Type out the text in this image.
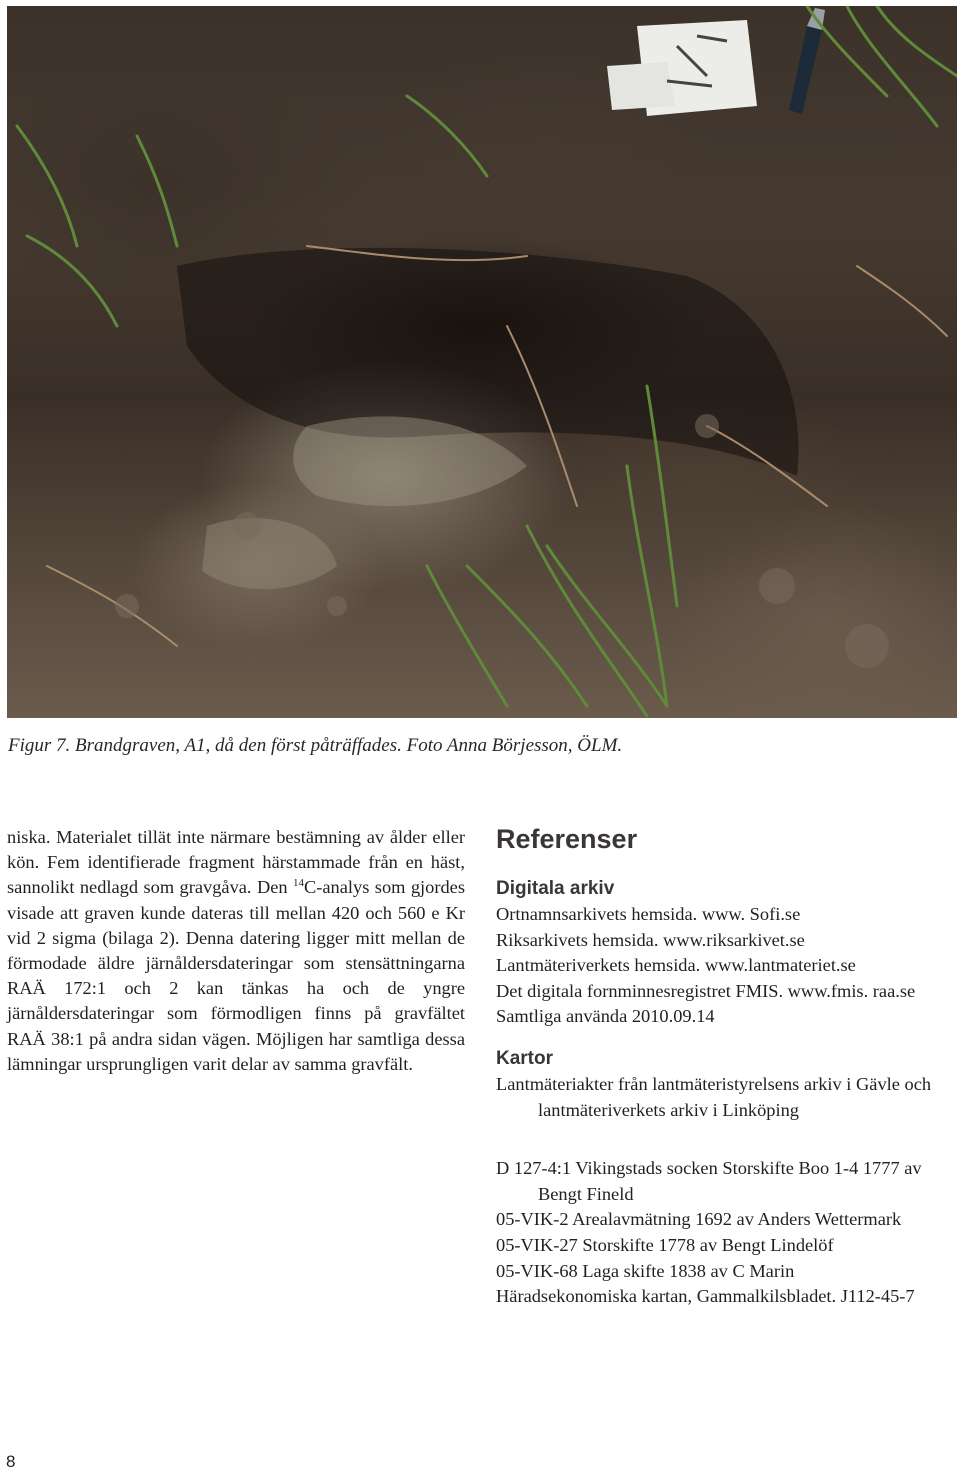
Figur 7. Brandgraven, A1, då den först påträffades. Foto Anna Börjesson, ÖLM.

niska. Materialet tillät inte närmare bestämning av ålder eller kön. Fem identifierade fragment härstammade från en häst, sannolikt nedlagd som gravgåva. Den $^{14}$C-analys som gjordes visade att graven kunde dateras till mellan 420 och 560 e Kr vid 2 sigma (bilaga 2). Denna datering ligger mitt mellan de förmodade äldre järnåldersdateringar som stensättningarna RAÄ 172:1 och 2 kan tänkas ha och de yngre järnåldersdateringar som förmodligen finns på gravfältet RAÄ 38:1 på andra sidan vägen. Möjligen har samtliga dessa lämningar ursprungligen varit delar av samma gravfält.

Referenser
Digitala arkiv
Ortnamnsarkivets hemsida. www. Sofi.se
Riksarkivets hemsida. www.riksarkivet.se
Lantmäteriverkets hemsida. www.lantmateriet.se
Det digitala fornminnesregistret FMIS. www.fmis. raa.se
Samtliga använda 2010.09.14
Kartor
Lantmäteriakter från lantmäteristyrelsens arkiv i Gävle och lantmäteriverkets arkiv i Linköping
D 127-4:1 Vikingstads socken Storskifte Boo 1-4 1777 av Bengt Fineld
05-VIK-2 Arealavmätning 1692 av Anders Wettermark
05-VIK-27 Storskifte 1778 av Bengt Lindelöf
05-VIK-68 Laga skifte 1838 av C Marin
Häradsekonomiska kartan, Gammalkilsbladet. J112-45-7
8
